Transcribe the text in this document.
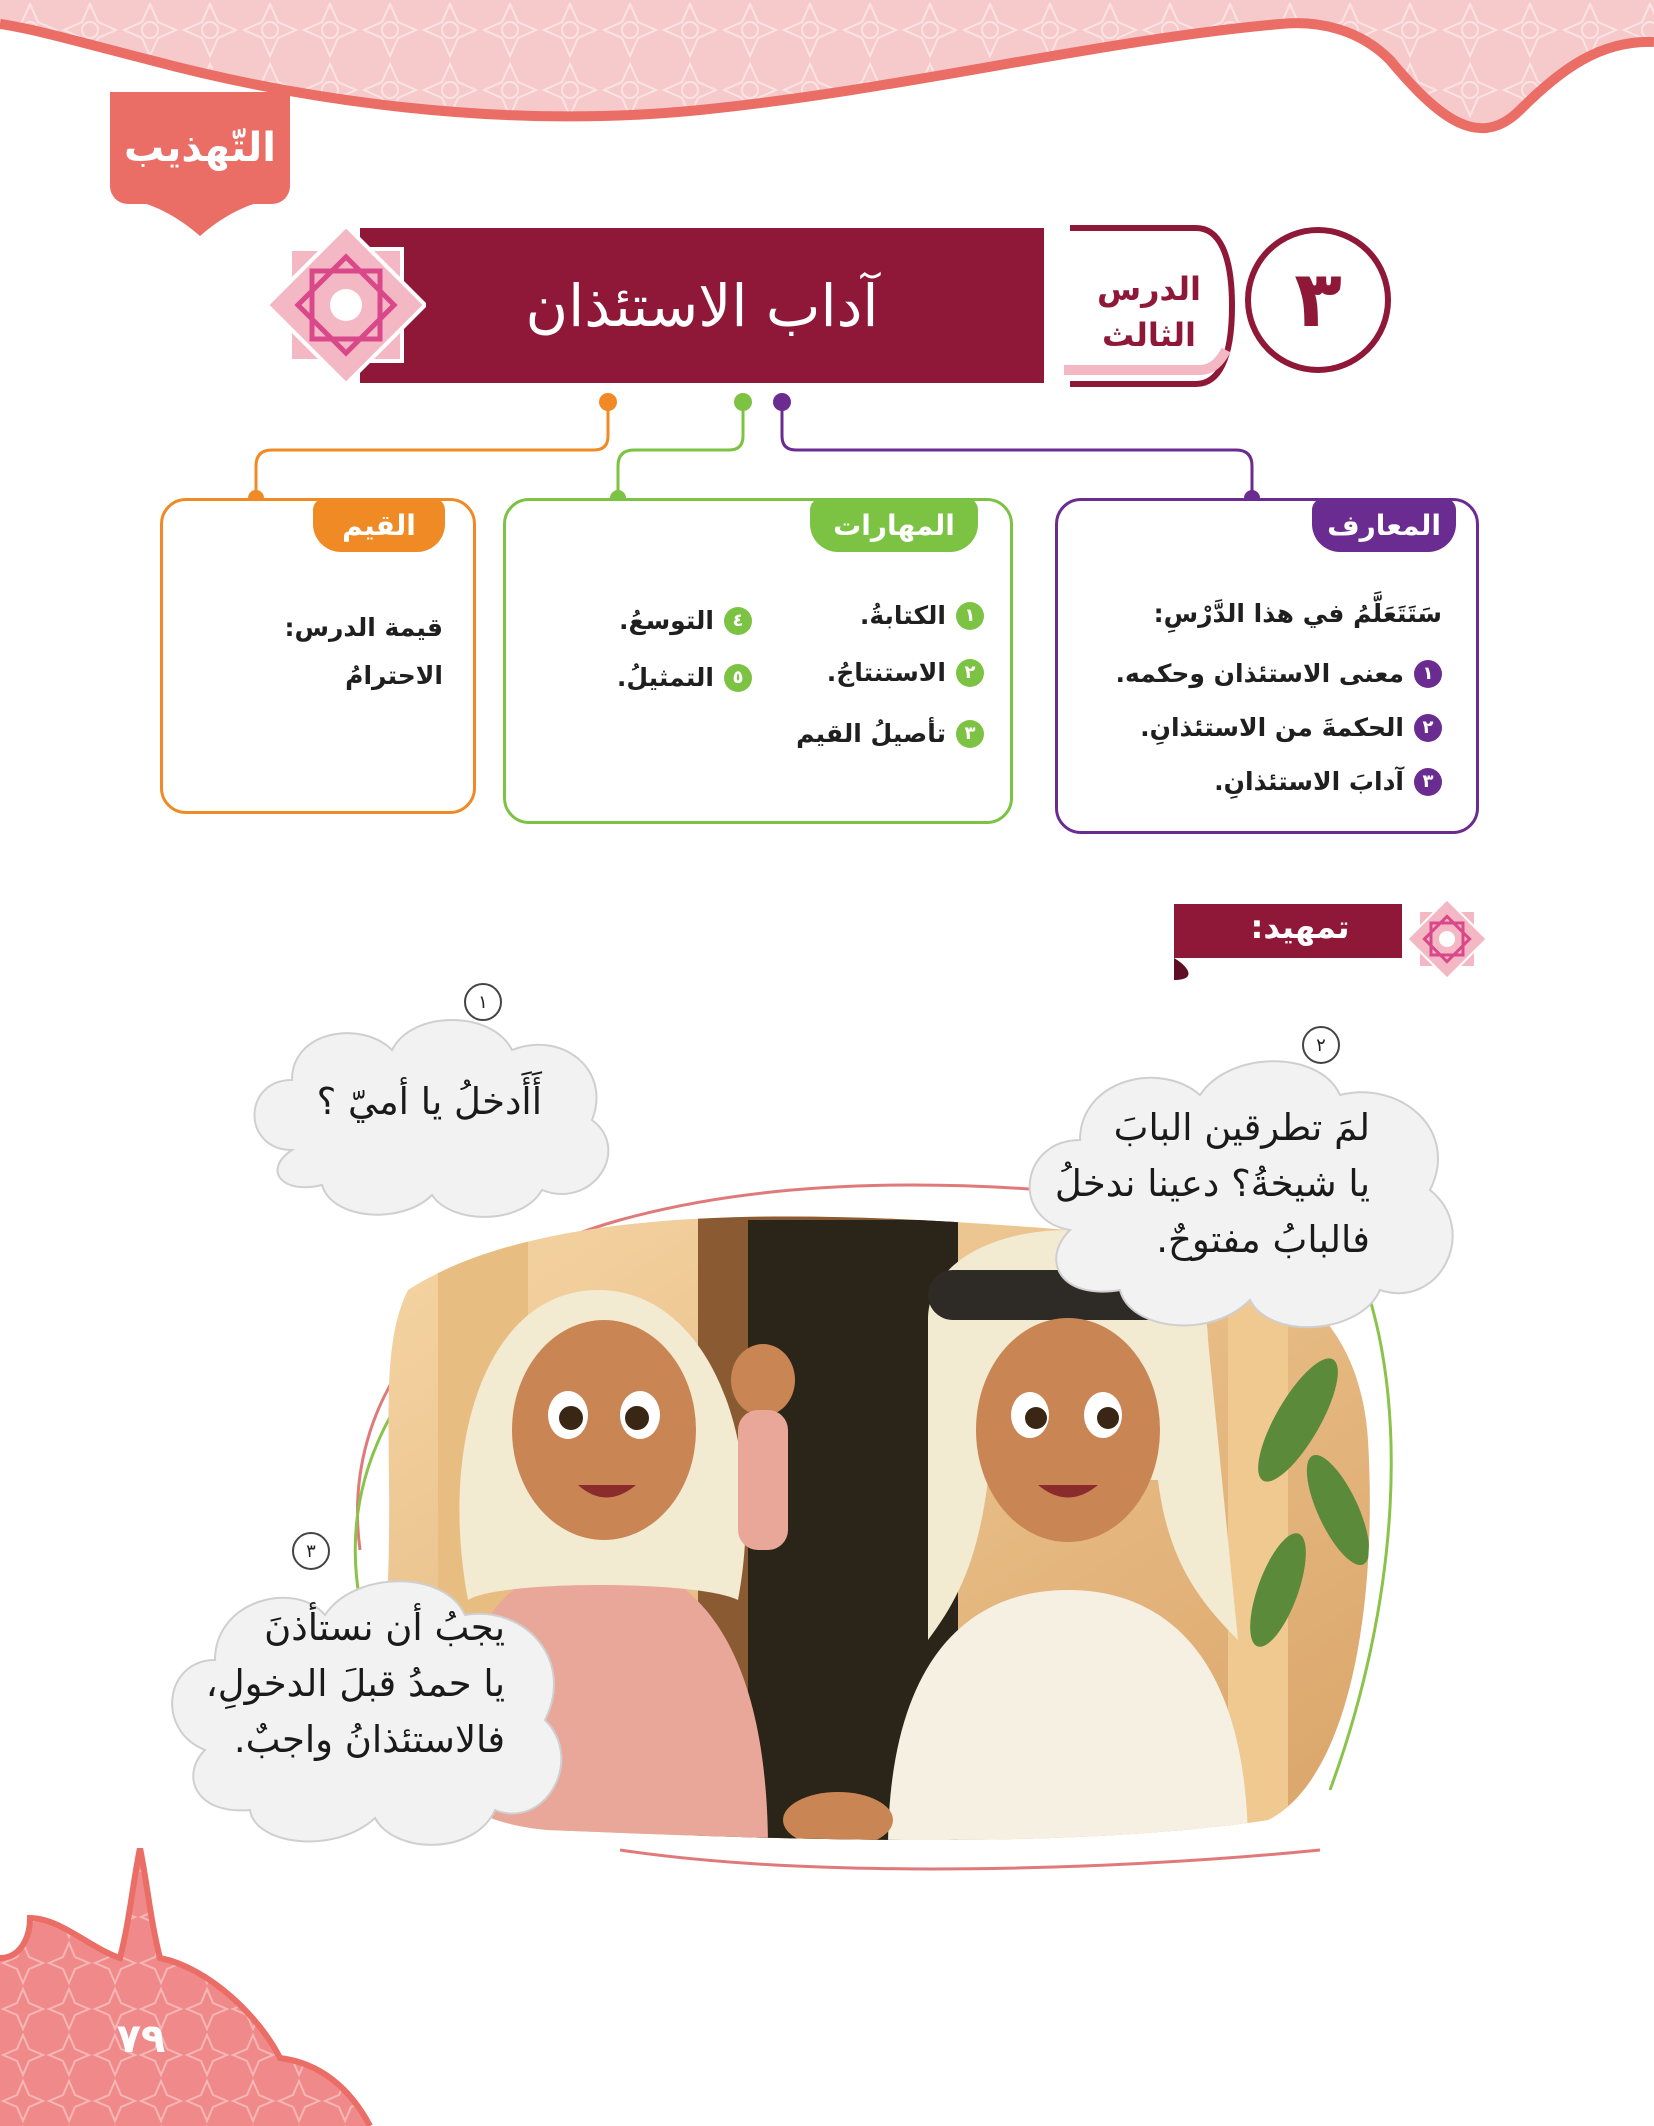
التّهذيب
آداب الاستئذان	الدرس
الثالث	٣
المعارف
سَتَتَعَلَّمُ في هذا الدَّرْسِ:
١
معنى الاستئذان وحكمه.
٢
الحكمةَ من الاستئذانِ.
٣
آدابَ الاستئذانِ.
المهارات
١
الكتابةُ.
٢
الاستنتاجُ.
٣
تأصيلُ القيم
٤
التوسعُ.
٥
التمثيلُ.
القيم
قيمة الدرس:
الاحترامُ
تمهيد:
أَأَدخلُ يا أميّ ؟
١
لمَ تطرقين البابَ
يا شيخةُ؟ دعينا ندخلُ
فالبابُ مفتوحٌ.
٢
يجبُ أن نستأذنَ
يا حمدُ قبلَ الدخولِ،
فالاستئذانُ واجبٌ.
٣
٧٩
